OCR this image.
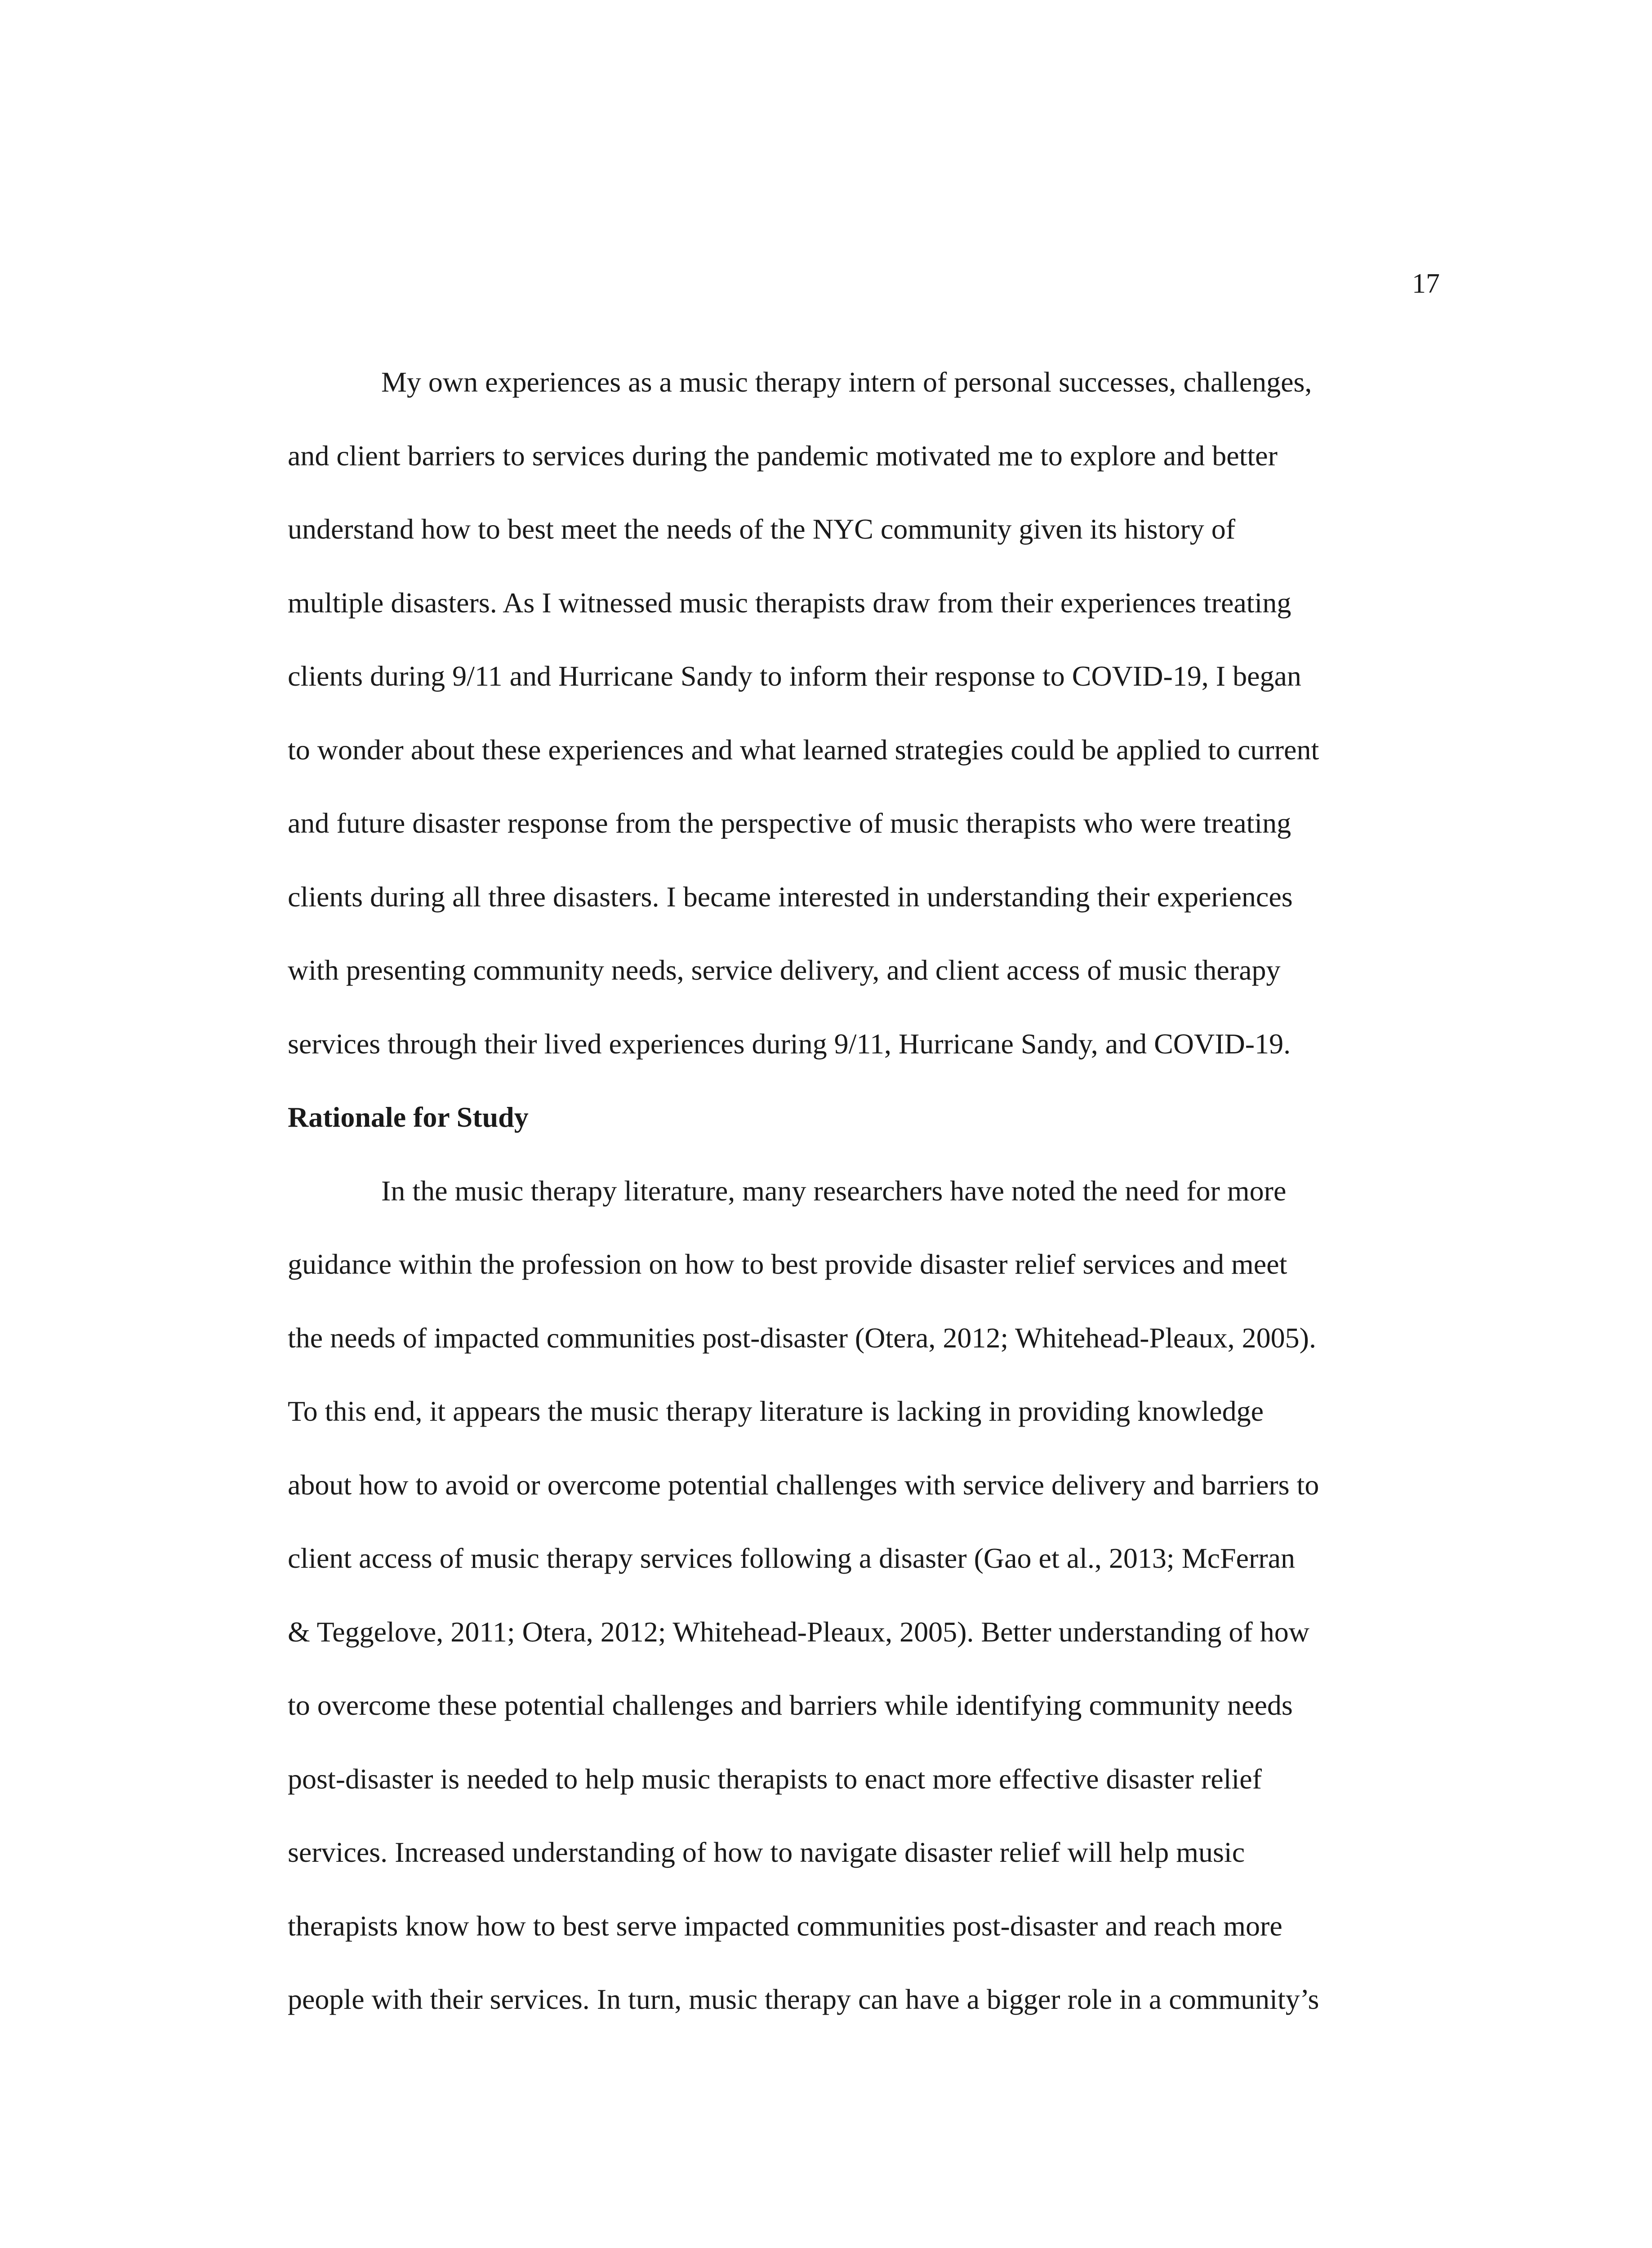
17
My own experiences as a music therapy intern of personal successes, challenges,
and client barriers to services during the pandemic motivated me to explore and better
understand how to best meet the needs of the NYC community given its history of
multiple disasters. As I witnessed music therapists draw from their experiences treating
clients during 9/11 and Hurricane Sandy to inform their response to COVID-19, I began
to wonder about these experiences and what learned strategies could be applied to current
and future disaster response from the perspective of music therapists who were treating
clients during all three disasters. I became interested in understanding their experiences
with presenting community needs, service delivery, and client access of music therapy
services through their lived experiences during 9/11, Hurricane Sandy, and COVID-19.
Rationale for Study
In the music therapy literature, many researchers have noted the need for more
guidance within the profession on how to best provide disaster relief services and meet
the needs of impacted communities post-disaster (Otera, 2012; Whitehead-Pleaux, 2005).
To this end, it appears the music therapy literature is lacking in providing knowledge
about how to avoid or overcome potential challenges with service delivery and barriers to
client access of music therapy services following a disaster (Gao et al., 2013; McFerran
& Teggelove, 2011; Otera, 2012; Whitehead-Pleaux, 2005). Better understanding of how
to overcome these potential challenges and barriers while identifying community needs
post-disaster is needed to help music therapists to enact more effective disaster relief
services. Increased understanding of how to navigate disaster relief will help music
therapists know how to best serve impacted communities post-disaster and reach more
people with their services. In turn, music therapy can have a bigger role in a community’s
